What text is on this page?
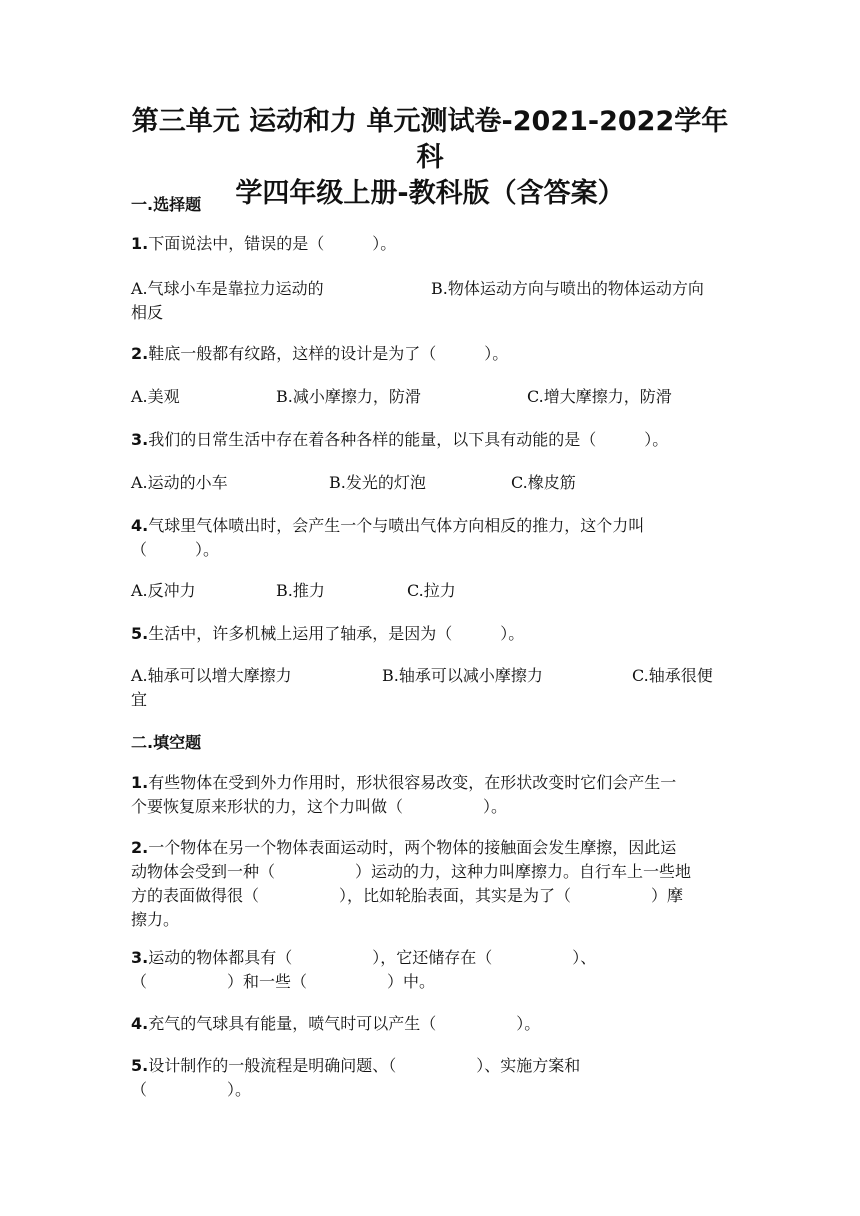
第三单元 运动和力 单元测试卷-2021-2022学年科
学四年级上册-教科版（含答案）
一.选择题
1.下面说法中，错误的是（　　　）。
A.气球小车是靠拉力运动的	B.物体运动方向与喷出的物体运动方向
相反
2.鞋底一般都有纹路，这样的设计是为了（　　　）。
A.美观	B.减小摩擦力，防滑	C.增大摩擦力，防滑
3.我们的日常生活中存在着各种各样的能量，以下具有动能的是（　　　）。
A.运动的小车	B.发光的灯泡	C.橡皮筋
4.气球里气体喷出时，会产生一个与喷出气体方向相反的推力，这个力叫
（　　　）。
A.反冲力	B.推力	C.拉力
5.生活中，许多机械上运用了轴承，是因为（　　　）。
A.轴承可以增大摩擦力	B.轴承可以减小摩擦力	C.轴承很便
宜
二.填空题
1.有些物体在受到外力作用时，形状很容易改变，在形状改变时它们会产生一
个要恢复原来形状的力，这个力叫做（　　　　　）。
2.一个物体在另一个物体表面运动时，两个物体的接触面会发生摩擦，因此运
动物体会受到一种（　　　　　）运动的力，这种力叫摩擦力。自行车上一些地
方的表面做得很（　　　　　），比如轮胎表面，其实是为了（　　　　　）摩
擦力。
3.运动的物体都具有（　　　　　），它还储存在（　　　　　）、
（　　　　　）和一些（　　　　　）中。
4.充气的气球具有能量，喷气时可以产生（　　　　　）。
5.设计制作的一般流程是明确问题、（　　　　　）、实施方案和
（　　　　　）。
